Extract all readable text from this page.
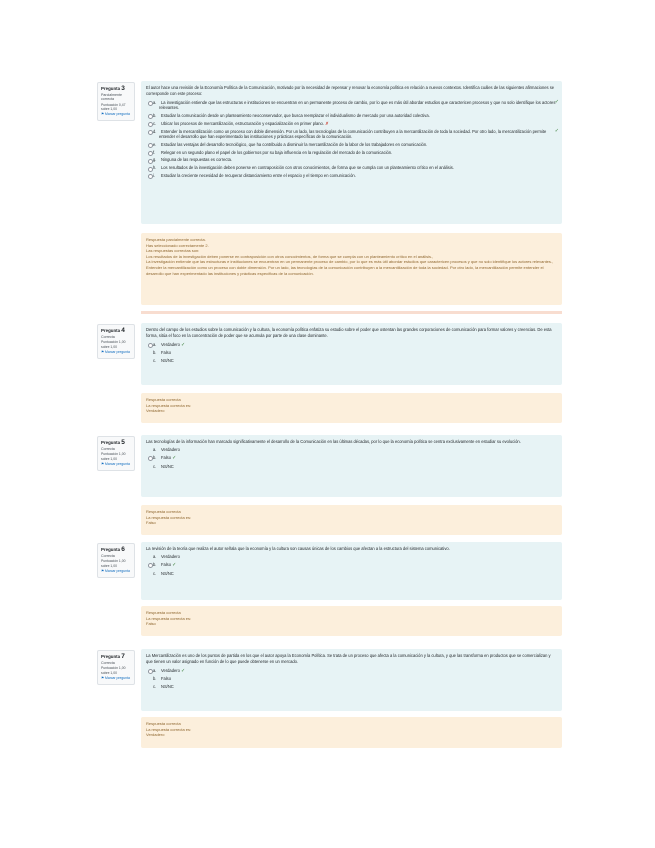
Pregunta 3
Parcialmente correcta
Puntuación 0,47 sobre 1,00
⚑ Marcar pregunta
El autor hace una revisión de la Economía Política de la Comunicación, motivado por la necesidad de repensar y renovar la economía política en relación a nuevos contextos. Identifica cuáles de las siguientes afirmaciones se corresponde con este proceso:
a. La investigación entiende que las estructuras e instituciones se encuentran en un permanente proceso de cambio, por lo que es más útil abordar estudios que caractericen procesos y que no solo identifique los actores relevantes.
✓
b. Estudiar la comunicación desde un planteamiento neoconservador, que busca reemplazar el individualismo de mercado por una autoridad colectiva.
c. Ubicar los procesos de mercantilización, estructuración y espacialización en primer plano. ✗
d. Entender la mercantilización como un proceso con doble dimensión. Por un lado, las tecnologías de la comunicación contribuyen a la mercantilización de toda la sociedad. Por otro lado, la mercantilización permite entender el desarrollo que han experimentado las instituciones y prácticas específicas de la comunicación.
✓
e. Estudiar las ventajas del desarrollo tecnológico, que ha contribuido a disminuir la mercantilización de la labor de los trabajadores en comunicación.
f. Relegar en un segundo plano el papel de los gobiernos por su baja influencia en la regulación del mercado de la comunicación.
g. Ninguna de las respuestas es correcta.
h. Los resultados de la investigación deben ponerse en contraposición con otros conocimientos, de forma que se cumpla con un planteamiento crítico en el análisis.
i. Estudiar la creciente necesidad de recuperar distanciamiento entre el espacio y el tiempo en comunicación.
Respuesta parcialmente correcta.
Has seleccionado correctamente 2.
Las respuestas correctas son:
Los resultados de la investigación deben ponerse en contraposición con otros conocimientos, de forma que se cumpla con un planteamiento crítico en el análisis.,
La investigación entiende que las estructuras e instituciones se encuentran en un permanente proceso de cambio, por lo que es más útil abordar estudios que caractericen procesos y que no solo identifique los actores relevantes.,
Entender la mercantilización como un proceso con doble dimensión. Por un lado, las tecnologías de la comunicación contribuyen a la mercantilización de toda la sociedad. Por otro lado, la mercantilización permite entender el desarrollo que han experimentado las instituciones y prácticas específicas de la comunicación.
Pregunta 4
Correcta
Puntuación 1,00 sobre 1,00
⚑ Marcar pregunta
Dentro del campo de los estudios sobre la comunicación y la cultura, la economía política enfatiza su estudio sobre el poder que ostentan las grandes corporaciones de comunicación para formar valores y creencias. De esta forma, sitúa el foco en la concentración de poder que se acumula por parte de una clase dominante.
a. Verdadero ✓
b. Falso
c. NS/NC
Respuesta correcta
La respuesta correcta es:
Verdadero
Pregunta 5
Correcta
Puntuación 1,00 sobre 1,00
⚑ Marcar pregunta
Las tecnologías de la información han marcado significativamente el desarrollo de la Comunicación en las últimas décadas, por lo que la economía política se centra exclusivamente en estudiar su evolución.
a. Verdadero
b. Falso ✓
c. NS/NC
Respuesta correcta
La respuesta correcta es:
Falso
Pregunta 6
Correcta
Puntuación 1,00 sobre 1,00
⚑ Marcar pregunta
La revisión de la teoría que realiza el autor señala que la economía y la cultura son causas únicas de los cambios que afectan a la estructura del sistema comunicativo.
a. Verdadero
b. Falso ✓
c. NS/NC
Respuesta correcta
La respuesta correcta es:
Falso
Pregunta 7
Correcta
Puntuación 1,00 sobre 1,00
⚑ Marcar pregunta
La Mercantilización es uno de los puntos de partida en los que el autor apoya la Economía Política. Se trata de un proceso que afecta a la comunicación y la cultura, y que las transforma en productos que se comercializan y que tienen un valor asignado en función de lo que puede obtenerse en un mercado.
a. Verdadero ✓
b. Falso
c. NS/NC
Respuesta correcta
La respuesta correcta es:
Verdadero
